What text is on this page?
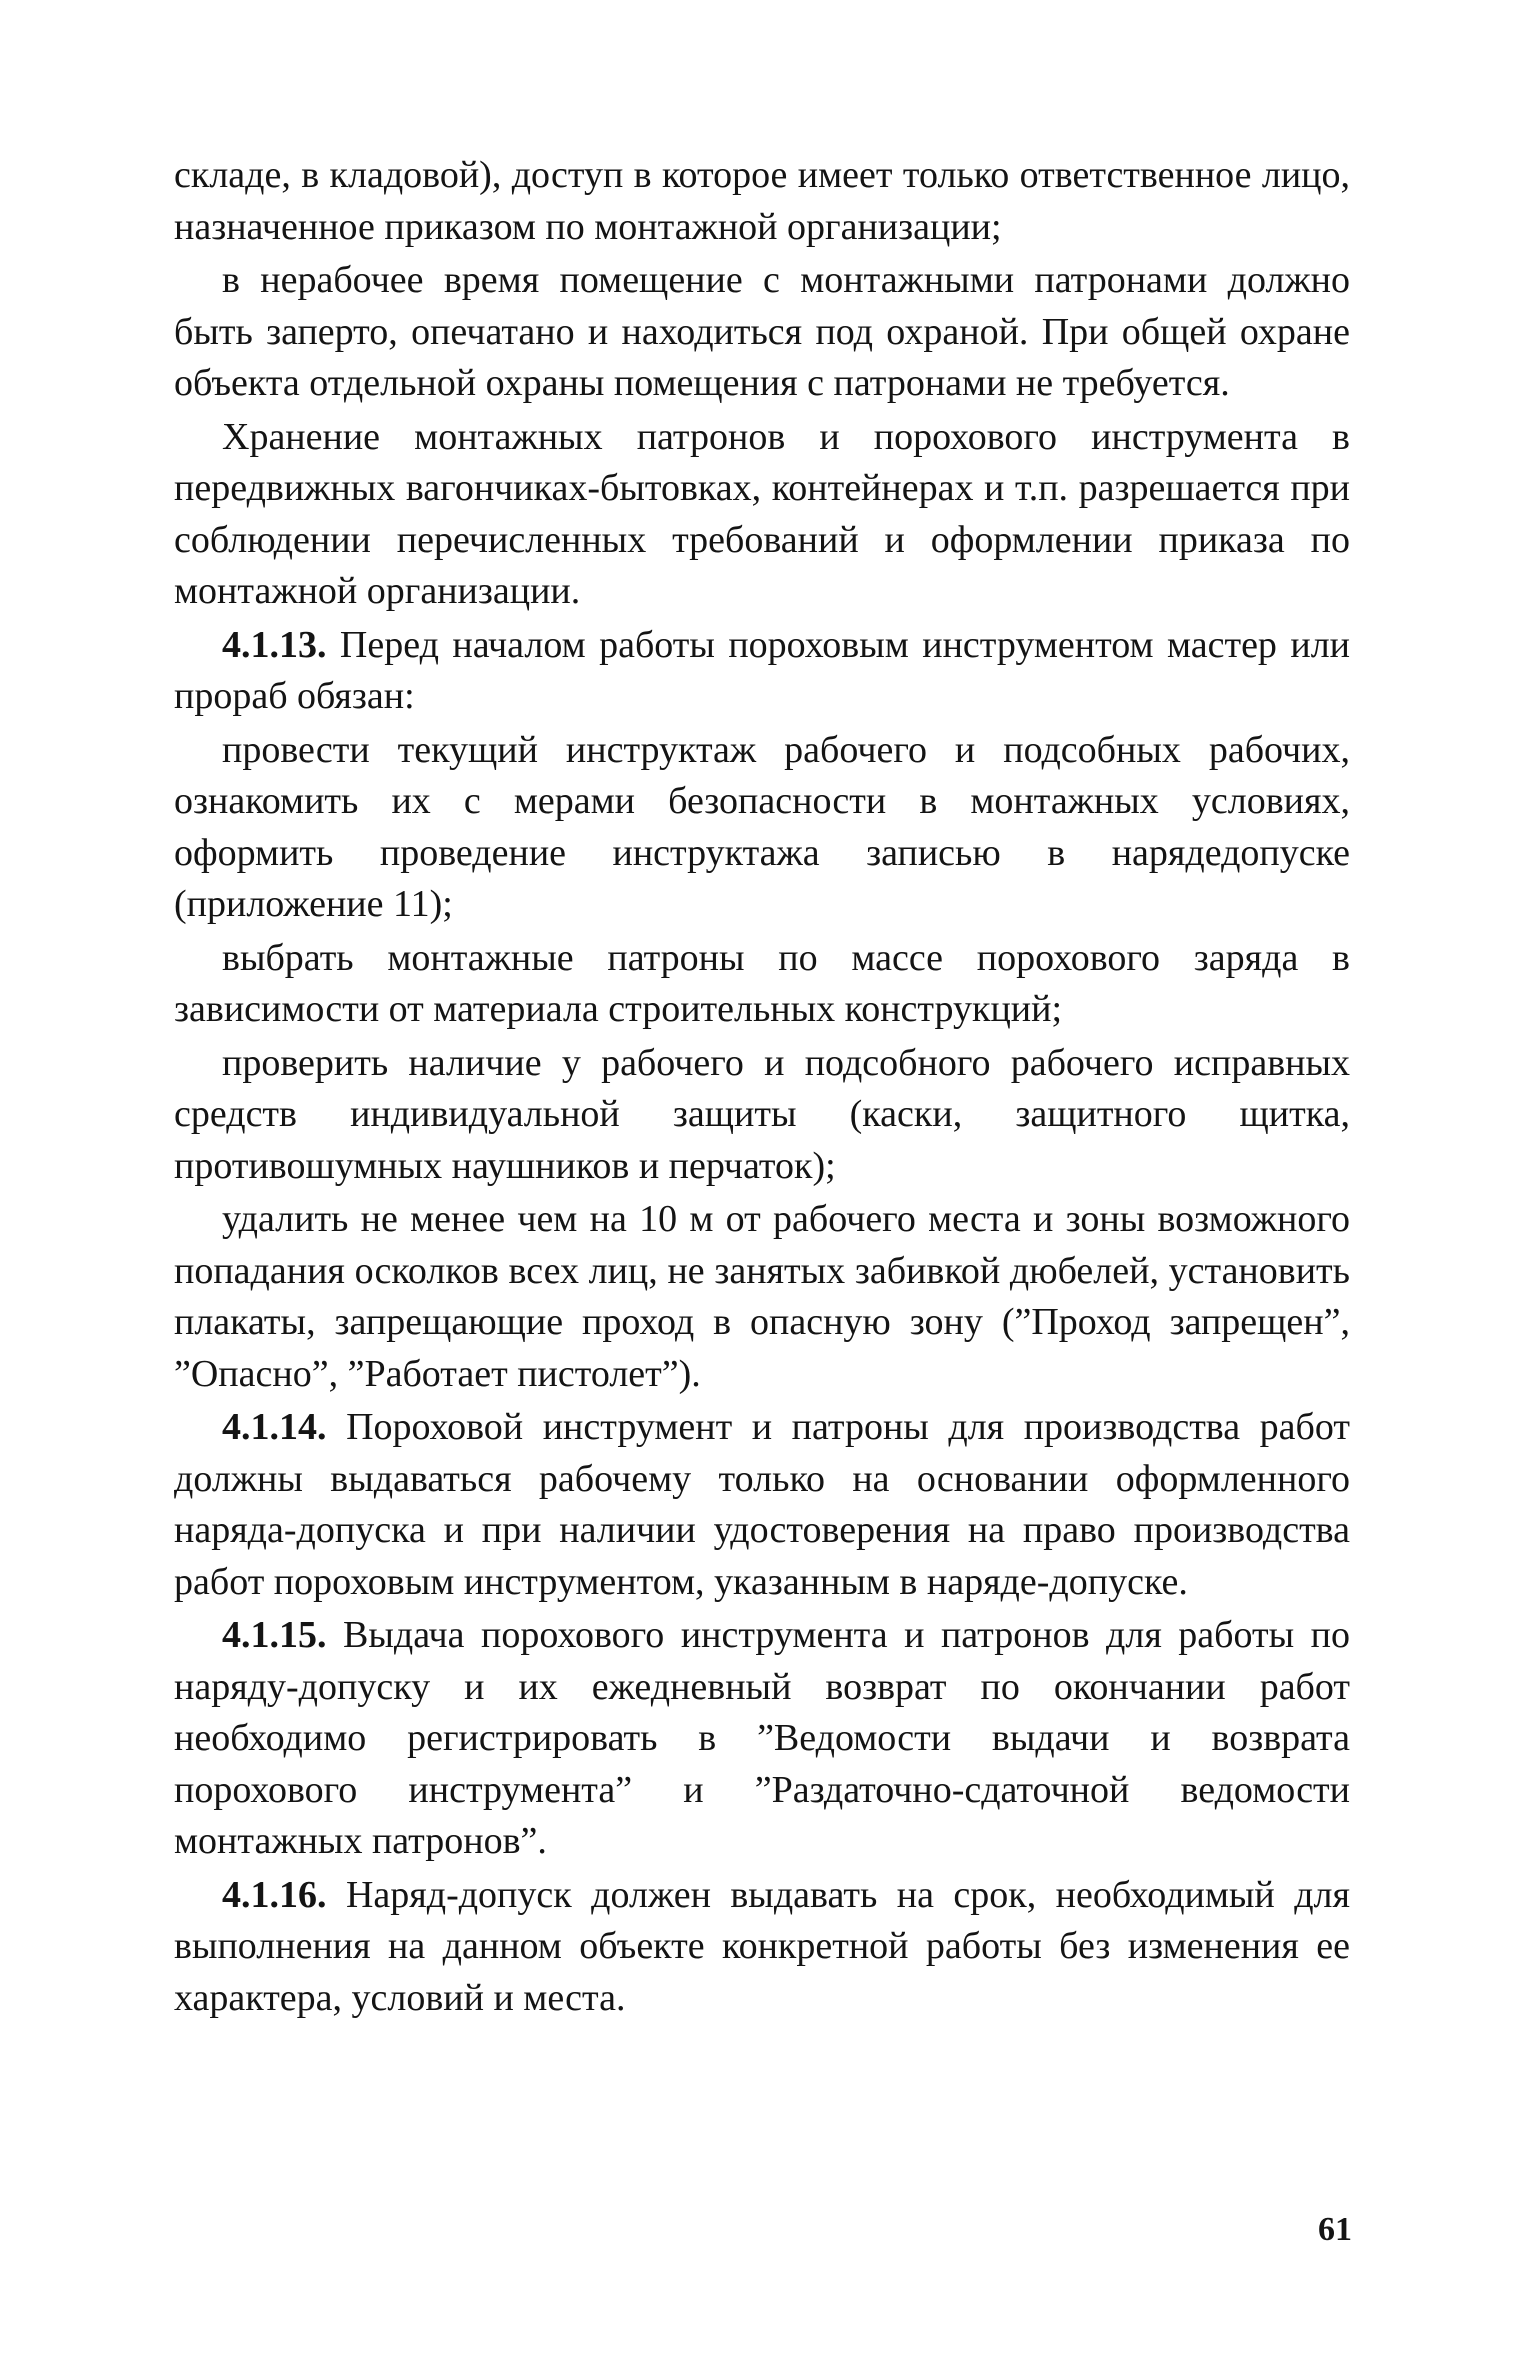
складе, в кладовой), доступ в которое имеет только ответственное лицо, назначенное приказом по монтажной организации;

в нерабочее время помещение с монтажными патронами должно быть заперто, опечатано и находиться под охраной. При общей охране объекта отдельной охраны помещения с патронами не требуется.

Хранение монтажных патронов и порохового инструмента в передвижных вагончиках-бытовках, контейнерах и т.п. разрешается при соблюдении перечисленных требований и оформлении приказа по монтажной организации.

4.1.13. Перед началом работы пороховым инструментом мастер или прораб обязан:

провести текущий инструктаж рабочего и подсобных рабочих, ознакомить их с мерами безопасности в монтажных условиях, оформить проведение инструктажа записью в нарядедопуске (приложение 11);

выбрать монтажные патроны по массе порохового заряда в зависимости от материала строительных конструкций;

проверить наличие у рабочего и подсобного рабочего исправных средств индивидуальной защиты (каски, защитного щитка, противошумных наушников и перчаток);

удалить не менее чем на 10 м от рабочего места и зоны возможного попадания осколков всех лиц, не занятых забивкой дюбелей, установить плакаты, запрещающие проход в опасную зону (”Проход запрещен”, ”Опасно”, ”Работает пистолет”).

4.1.14. Пороховой инструмент и патроны для производства работ должны выдаваться рабочему только на основании оформленного наряда-допуска и при наличии удостоверения на право производства работ пороховым инструментом, указанным в наряде-допуске.

4.1.15. Выдача порохового инструмента и патронов для работы по наряду-допуску и их ежедневный возврат по окончании работ необходимо регистрировать в ”Ведомости выдачи и возврата порохового инструмента” и ”Раздаточно-сдаточной ведомости монтажных патронов”.

4.1.16. Наряд-допуск должен выдавать на срок, необходимый для выполнения на данном объекте конкретной работы без изменения ее характера, условий и места.

61
